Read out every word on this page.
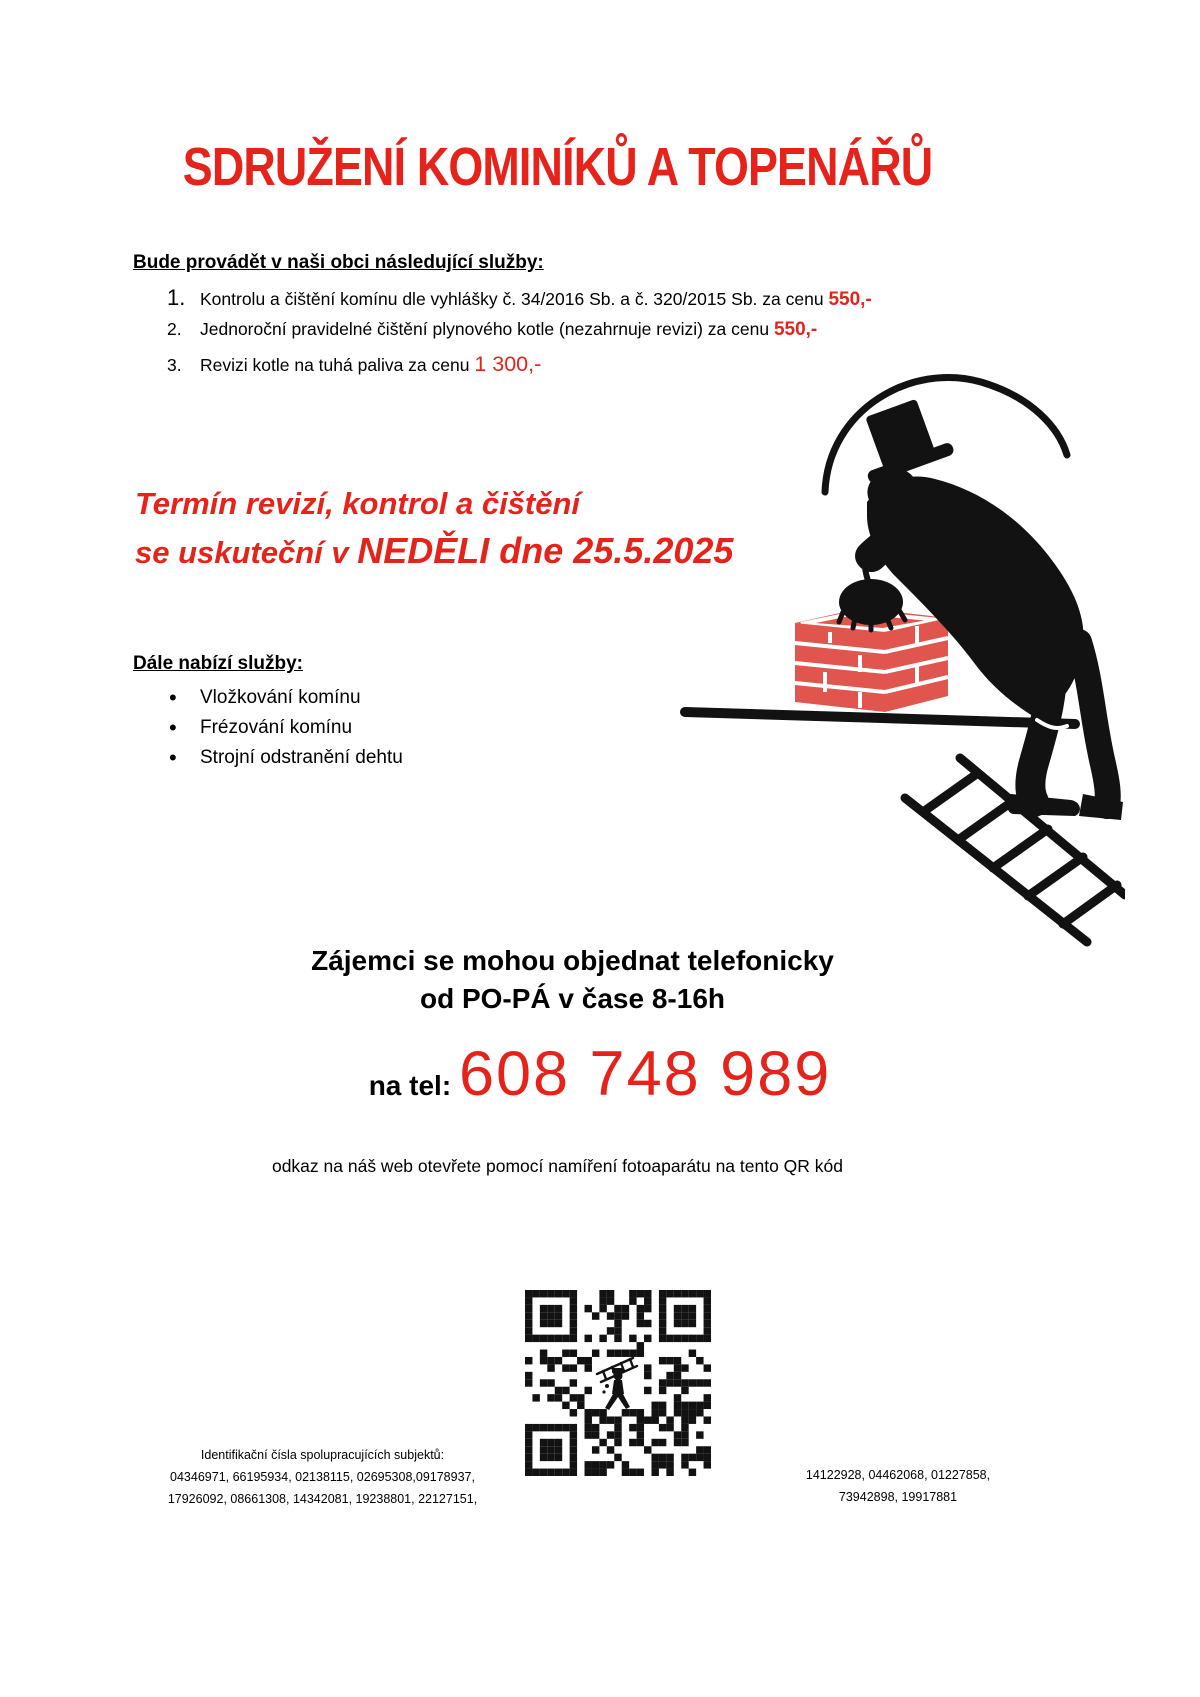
SDRUŽENÍ KOMINÍKŮ A TOPENÁŘŮ
Bude provádět v naši obci následující služby:
1. Kontrolu a čištění komínu dle vyhlášky č. 34/2016 Sb. a č. 320/2015 Sb. za cenu 550,-
2.	Jednoroční pravidelné čištění plynového kotle (nezahrnuje revizi) za cenu 550,-
3.	Revizi kotle na tuhá paliva za cenu 1 300,-
Termín revizí, kontrol a čištění
se uskuteční v NEDĚLI dne 25.5.2025
Dále nabízí služby:
• Vložkování komínu
• Frézování komínu
• Strojní odstranění dehtu
Zájemci se mohou objednat telefonicky
od PO-PÁ v čase 8-16h
na tel: 608 748 989
odkaz na náš web otevřete pomocí namíření fotoaparátu na tento QR kód
Identifikační čísla spolupracujících subjektů:
04346971, 66195934, 02138115, 02695308,09178937,
17926092, 08661308, 14342081, 19238801, 22127151,
14122928, 04462068, 01227858,
73942898, 19917881
